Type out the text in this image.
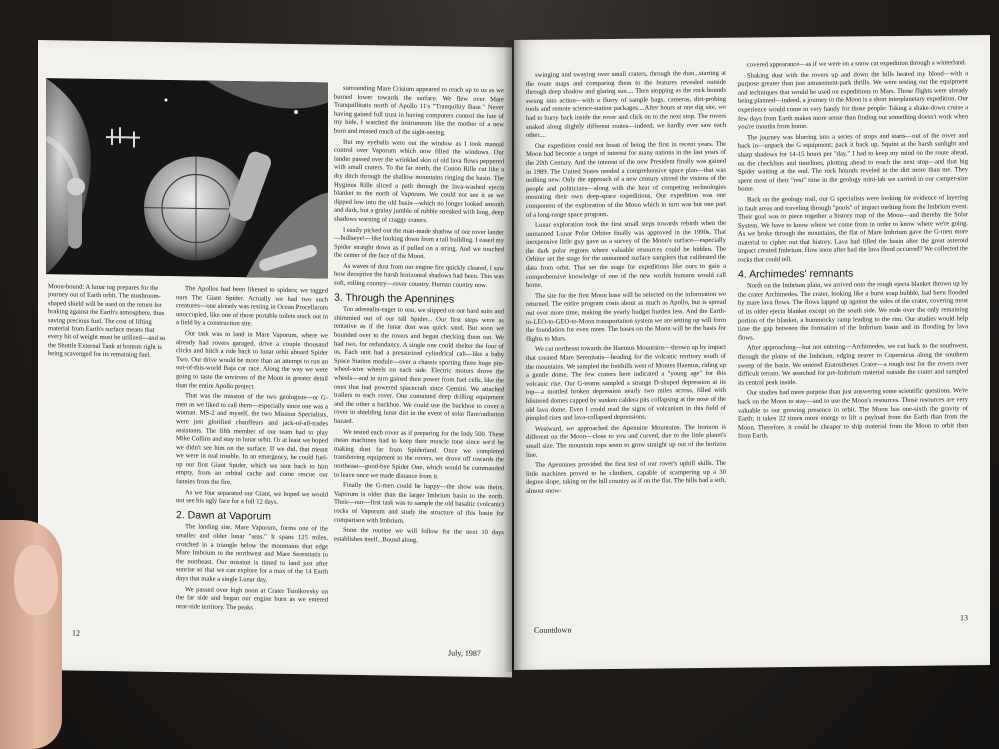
Moon-bound: A lunar tug prepares for the journey out of Earth orbit. The mushroom-shaped shield will be used on the return for braking against the Earth's atmosphere, thus saving precious fuel. The cost of lifting material from Earth's surface means that every bit of weight must be utilized—and so the Shuttle External Tank at bottom right is being scavenged for its remaining fuel.

The Apollos had been likened to spiders; we tagged ours The Giant Spider. Actually we had two such creatures—one already was resting in Ocean Procellarum unoccupied, like one of those portable toilets stuck out in a field by a construction site.

Our task was to land in Mare Vaporum, where we already had rovers garaged, drive a couple thousand clicks and hitch a ride back to lunar orbit aboard Spider Two. Our drive would be more than an attempt to run an out-of-this-world Baja car race. Along the way we were going to taste the environs of the Moon in greater detail than the entire Apollo project.

That was the mission of the two geologists—or G-men as we liked to call them—especially since one was a woman. MS-2 and myself, the two Mission Specialists, were just glorified chauffeurs and jack-of-all-trades assistants. The fifth member of our team had to play Mike Collins and stay in lunar orbit. Or at least we hoped we didn't see him on the surface. If we did, that meant we were in real trouble. In an emergency, he could fuel-up our first Giant Spider, which we sent back to him empty, from an orbital cache and come rescue our fannies from the fire.

As we four separated our Giant, we hoped we would not see his ugly face for a full 12 days.

2. Dawn at Vaporum

The landing site, Mare Vaporum, forms one of the smaller and older lunar "seas." It spans 125 miles, crotched in a triangle below the mountains that edge Mare Imbrium to the northwest and Mare Serenitatis to the northeast. Our mission is timed to land just after sunrise so that we can explore for a max of the 14 Earth days that make a single Lunar day.

We passed over high noon at Crater Tsiolkovsky on the far side and began our engine burn as we entered near-side territory. The peaks

surrounding Mare Crisium appeared to reach up to us as we burned lower towards the surface. We flew over Mare Tranquillitatis north of Apollo 11's "Tranquility Base." Never having gained full trust in having computers control the fate of my hide, I watched the instruments like the mother of a new born and missed much of the sight-seeing.

But my eyeballs were out the window as I took manual control over Vaporum which now filled the windows. Our lander passed over the wrinkled skin of old lava flows peppered with small craters. To the far north, the Conon Rille cut like a dry ditch through the shallow mountains ringing the basin. The Hyginus Rille sliced a path through the lava-washed ejecta blanket to the north of Vaporum. We could not see it as we dipped low into the old basin—which no longer looked smooth and dark, but a grainy jumble of rubble streaked with long, deep shadows warning of craggy craters.

I easily picked out the man-made shadow of our rover lander—bullseye!—like looking down from a tall building. I eased my Spider straight down as if pulled on a string. And we touched the center of the face of the Moon.

As waves of dust from our engine fire quickly cleared, I saw how deceptive the harsh horizontal shadows had been. This was soft, rolling country—rover country. Human country now.

3. Through the Apennines

Too adrenalin-eager to rest, we slipped on our hard suits and shimmied out of our tall Spider... Our first steps were as tentative as if the lunar dust was quick sand. But soon we bounded over to the rovers and began checking them out. We had two, for redundancy. A single one could shelter the four of us. Each unit had a pressurized cylindrical cab—like a baby Space Station module—over a chassis sporting three huge pin-wheel-wire wheels on each side. Electric motors drove the wheels—and in turn gained their power from fuel cells, like the ones that had powered spacecraft since Gemini. We attached trailers to each rover. One contained deep drilling equipment and the other a backhoe. We could use the backhoe to cover a rover in shielding lunar dirt in the event of solar flare/radiation hazard.

We tested each rover as if preparing for the Indy 500. These mean machines had to keep their muscle tone since we'd be making dust far from Spiderland. Once we completed transferring equipment to the rovers, we drove off towards the northeast—good-bye Spider One, which would be commanded to leave once we made distance from it.

Finally the G-men could be happy—the show was theirs. Vaporum is older than the larger Imbrium basin to the north. Their—our—first task was to sample the old basaltic (volcanic) rocks of Vaporum and study the structure of this basin for comparison with Imbrium.

Soon the routine we will follow for the next 10 days establishes itself...Bound along,

12
July, 1987

swinging and swaying over small craters, through the dust...starting at the route maps and comparing them to the features revealed outside through deep shadow and glaring sun.... Then stopping as the rock hounds swung into action—with a flurry of sample bags, cameras, dirt-probing tools and remote science-station packages....After hours at one dig site, we had to hurry back inside the rover and click on to the next stop. The rovers snaked along slightly different routes—indeed, we hardly ever saw each other....

Our expedition could not boast of being the first in recent years. The Moon had become a target of interest for many nations in the last years of the 20th Century. And the interest of the new President finally was gained in 1989. The United States needed a comprehensive space plan—that was nothing new. Only the approach of a new century stirred the visions of the people and politicians—along with the heat of competing technologies mounting their own deep-space expeditions. Our expedition was one component of the exploration of the Moon which in turn was but one part of a long-range space program.

Lunar exploration took the first small steps towards rebirth when the unmanned Lunar Polar Orbiter finally was approved in the 1990s. That inexpensive little guy gave us a survey of the Moon's surface—especially the dark polar regions where valuable resources could be hidden. The Orbiter set the stage for the unmanned surface samplers that calibrated the data from orbit. That set the stage for expeditions like ours to gain a comprehensive knowledge of one of the new worlds humans would call home.

The site for the first Moon base will be selected on the information we returned. The entire program costs about as much as Apollo, but is spread out over more time, making the yearly budget burden less. And the Earth-to-LEO-to-GEO-to-Moon transportation system we are setting up will form the foundation for even more. The bases on the Moon will be the basis for flights to Mars.

We cut northeast towards the Haemus Mountains—thrown up by impact that created Mare Serenitatis—heading for the volcanic territory south of the mountains. We sampled the foothills west of Montes Haemus, riding up a gentle dome. The few craters here indicated a "young age" for this volcanic rise. Our G-teams sampled a strange D-shaped depression at its top—a mottled broken depression nearly two miles across, filled with blistered domes capped by sunken caldera pits collapsing at the nose of the old lava dome. Even I could read the signs of volcanism in this field of pimpled rises and lava-collapsed depressions.

Westward, we approached the Apennine Mountains. The horizon is different on the Moon—close to you and curved, due to the little planet's small size. The mountain tops seem to grow straight up out of the horizon line.

The Apennines provided the first test of our rover's uphill skills. The little machines proved to be climbers, capable of scampering up a 30 degree slope, taking on the hill country as if on the flat. The hills had a soft, almost snow-

covered appearance—as if we were on a snow cat expedition through a winterland.

Shaking dust with the rovers up and down the hills heated my blood—with a purpose greater than just amusement-park thrills. We were testing out the equipment and techniques that would be used on expeditions to Mars. Those flights were already being planned—indeed, a journey to the Moon is a short interplanetary expedition. Our experience would come in very handy for those people: Taking a shake-down cruise a few days from Earth makes more sense than finding out something doesn't work when you're months from home.

The journey was blurring into a series of stops and starts—out of the rover and back in—unpack the G equipment; pack it back up. Squint at the harsh sunlight and sharp shadows for 14-15 hours per "day." I had to keep my mind on the route ahead, on the checklists and timelines, plotting ahead to reach the next stop—and that big Spider waiting at the end. The rock hounds reveled in the dirt more than me. They spent most of their "rest" time in the geology mini-lab we carried in our camper-size home.

Back on the geology trail, our G specialists were looking for evidence of layering in fault areas and traveling through "pools" of impact melting from the Imbrium event. Their goal was to piece together a history map of the Moon—and thereby the Solar System. We have to know where we come from in order to know where we're going. As we broke through the mountains, the flat of Mare Imbrium gave the G-men more material to cipher out that history. Lava had filled the basin after the great asteroid impact created Imbrium. How soon after had the lava flood occurred? We collected the rocks that could tell.

4. Archimedes' remnants

North on the Imbrium plain, we arrived onto the rough ejecta blanket thrown up by the crater Archimedes. The crater, looking like a burst soap bubble, had been flooded by mare lava flows. The flows lapped up against the sides of the crater, covering most of its older ejecta blanket except on the south side. We rode over the only remaining portion of the blanket, a hummocky ramp leading to the rim. Our studies would help time the gap between the formation of the Imbrium basin and its flooding by lava flows.

After approaching—but not entering—Archimedes, we cut back to the southwest, through the plains of the Imbrium, edging nearer to Copernicus along the southern sweep of the basin. We entered Eratosthenes Crater—a tough test for the rovers over difficult terrain. We searched for pre-Imbrium material outside the crater and sampled its central peak inside.

Our studies had more purpose than just answering some scientific questions. We're back on the Moon to stay—and to use the Moon's resources. Those resources are very valuable to our growing presence in orbit. The Moon has one-sixth the gravity of Earth; it takes 22 times more energy to lift a payload from the Earth than from the Moon. Therefore, it could be cheaper to ship material from the Moon to orbit than from Earth.

Countdown
13
